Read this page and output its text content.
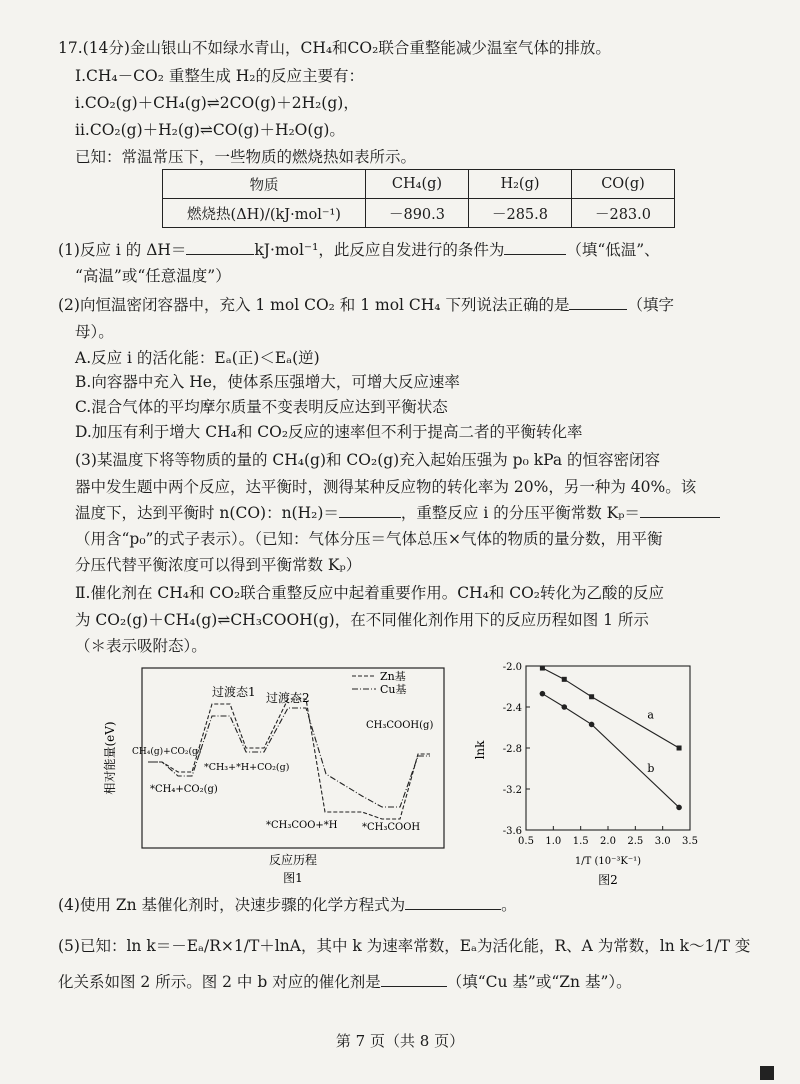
17.(14分)金山银山不如绿水青山，CH₄和CO₂联合重整能减少温室气体的排放。
Ⅰ.CH₄－CO₂ 重整生成 H₂的反应主要有：
i.CO₂(g)＋CH₄(g)⇌2CO(g)＋2H₂(g)，
ii.CO₂(g)＋H₂(g)⇌CO(g)＋H₂O(g)。
已知：常温常压下，一些物质的燃烧热如表所示。
物质	CH₄(g)	H₂(g)	CO(g)
燃烧热(ΔH)/(kJ·mol⁻¹)	－890.3	－285.8	－283.0
(1)反应 i 的 ΔH＝	kJ·mol⁻¹，此反应自发进行的条件为	（填“低温”、
“高温”或“任意温度”）
(2)向恒温密闭容器中，充入 1 mol CO₂ 和 1 mol CH₄ 下列说法正确的是	（填字
母）。
A.反应 i 的活化能：Eₐ(正)＜Eₐ(逆)
B.向容器中充入 He，使体系压强增大，可增大反应速率
C.混合气体的平均摩尔质量不变表明反应达到平衡状态
D.加压有利于增大 CH₄和 CO₂反应的速率但不利于提高二者的平衡转化率
(3)某温度下将等物质的量的 CH₄(g)和 CO₂(g)充入起始压强为 p₀ kPa 的恒容密闭容
器中发生题中两个反应，达平衡时，测得某种反应物的转化率为 20%，另一种为 40%。该
温度下，达到平衡时 n(CO)：n(H₂)＝	，重整反应 i 的分压平衡常数 Kₚ＝
（用含“p₀”的式子表示）。（已知：气体分压＝气体总压×气体的物质的量分数，用平衡
分压代替平衡浓度可以得到平衡常数 Kₚ）
Ⅱ.催化剂在 CH₄和 CO₂联合重整反应中起着重要作用。CH₄和 CO₂转化为乙酸的反应
为 CO₂(g)＋CH₄(g)⇌CH₃COOH(g)，在不同催化剂作用下的反应历程如图 1 所示
（＊表示吸附态）。
相对能量(eV)
Zn基
Cu基
过渡态1 过渡态2
CH₄(g)+CO₂(g)
*CH₄+CO₂(g)
*CH₃+*H+CO₂(g)
CH₃COOH(g)
*CH₃COO+*H *CH₃COOH
反应历程
图1
lnk
-2.0
-2.4
-2.8
-3.2
-3.6
0.5 1.0 1.5 2.0 2.5 3.0 3.5
a
b
1/T (10⁻³K⁻¹)
图2
(4)使用 Zn 基催化剂时，决速步骤的化学方程式为	。
(5)已知：ln k＝－Eₐ/R×1/T＋lnA，其中 k 为速率常数，Eₐ为活化能，R、A 为常数，ln k～1/T 变
化关系如图 2 所示。图 2 中 b 对应的催化剂是	（填“Cu 基”或“Zn 基”）。
第 7 页（共 8 页）
